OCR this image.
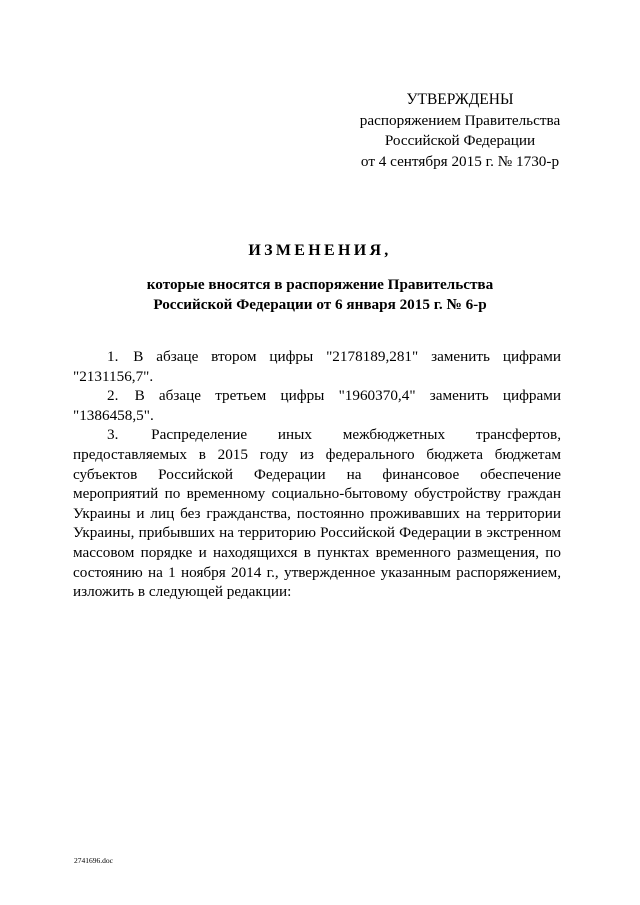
УТВЕРЖДЕНЫ
распоряжением Правительства
Российской Федерации
от 4 сентября 2015 г. № 1730-р
ИЗМЕНЕНИЯ,
которые вносятся в распоряжение Правительства
Российской Федерации от 6 января 2015 г. № 6-р

1. В абзаце втором цифры "2178189,281" заменить цифрами "2131156,7".

2. В абзаце третьем цифры "1960370,4" заменить цифрами "1386458,5".

3. Распределение иных межбюджетных трансфертов, предоставляемых в 2015 году из федерального бюджета бюджетам субъектов Российской Федерации на финансовое обеспечение мероприятий по временному социально-бытовому обустройству граждан Украины и лиц без гражданства, постоянно проживавших на территории Украины, прибывших на территорию Российской Федерации в экстренном массовом порядке и находящихся в пунктах временного размещения, по состоянию на 1 ноября 2014 г., утвержденное указанным распоряжением, изложить в следующей редакции:

2741696.doc
